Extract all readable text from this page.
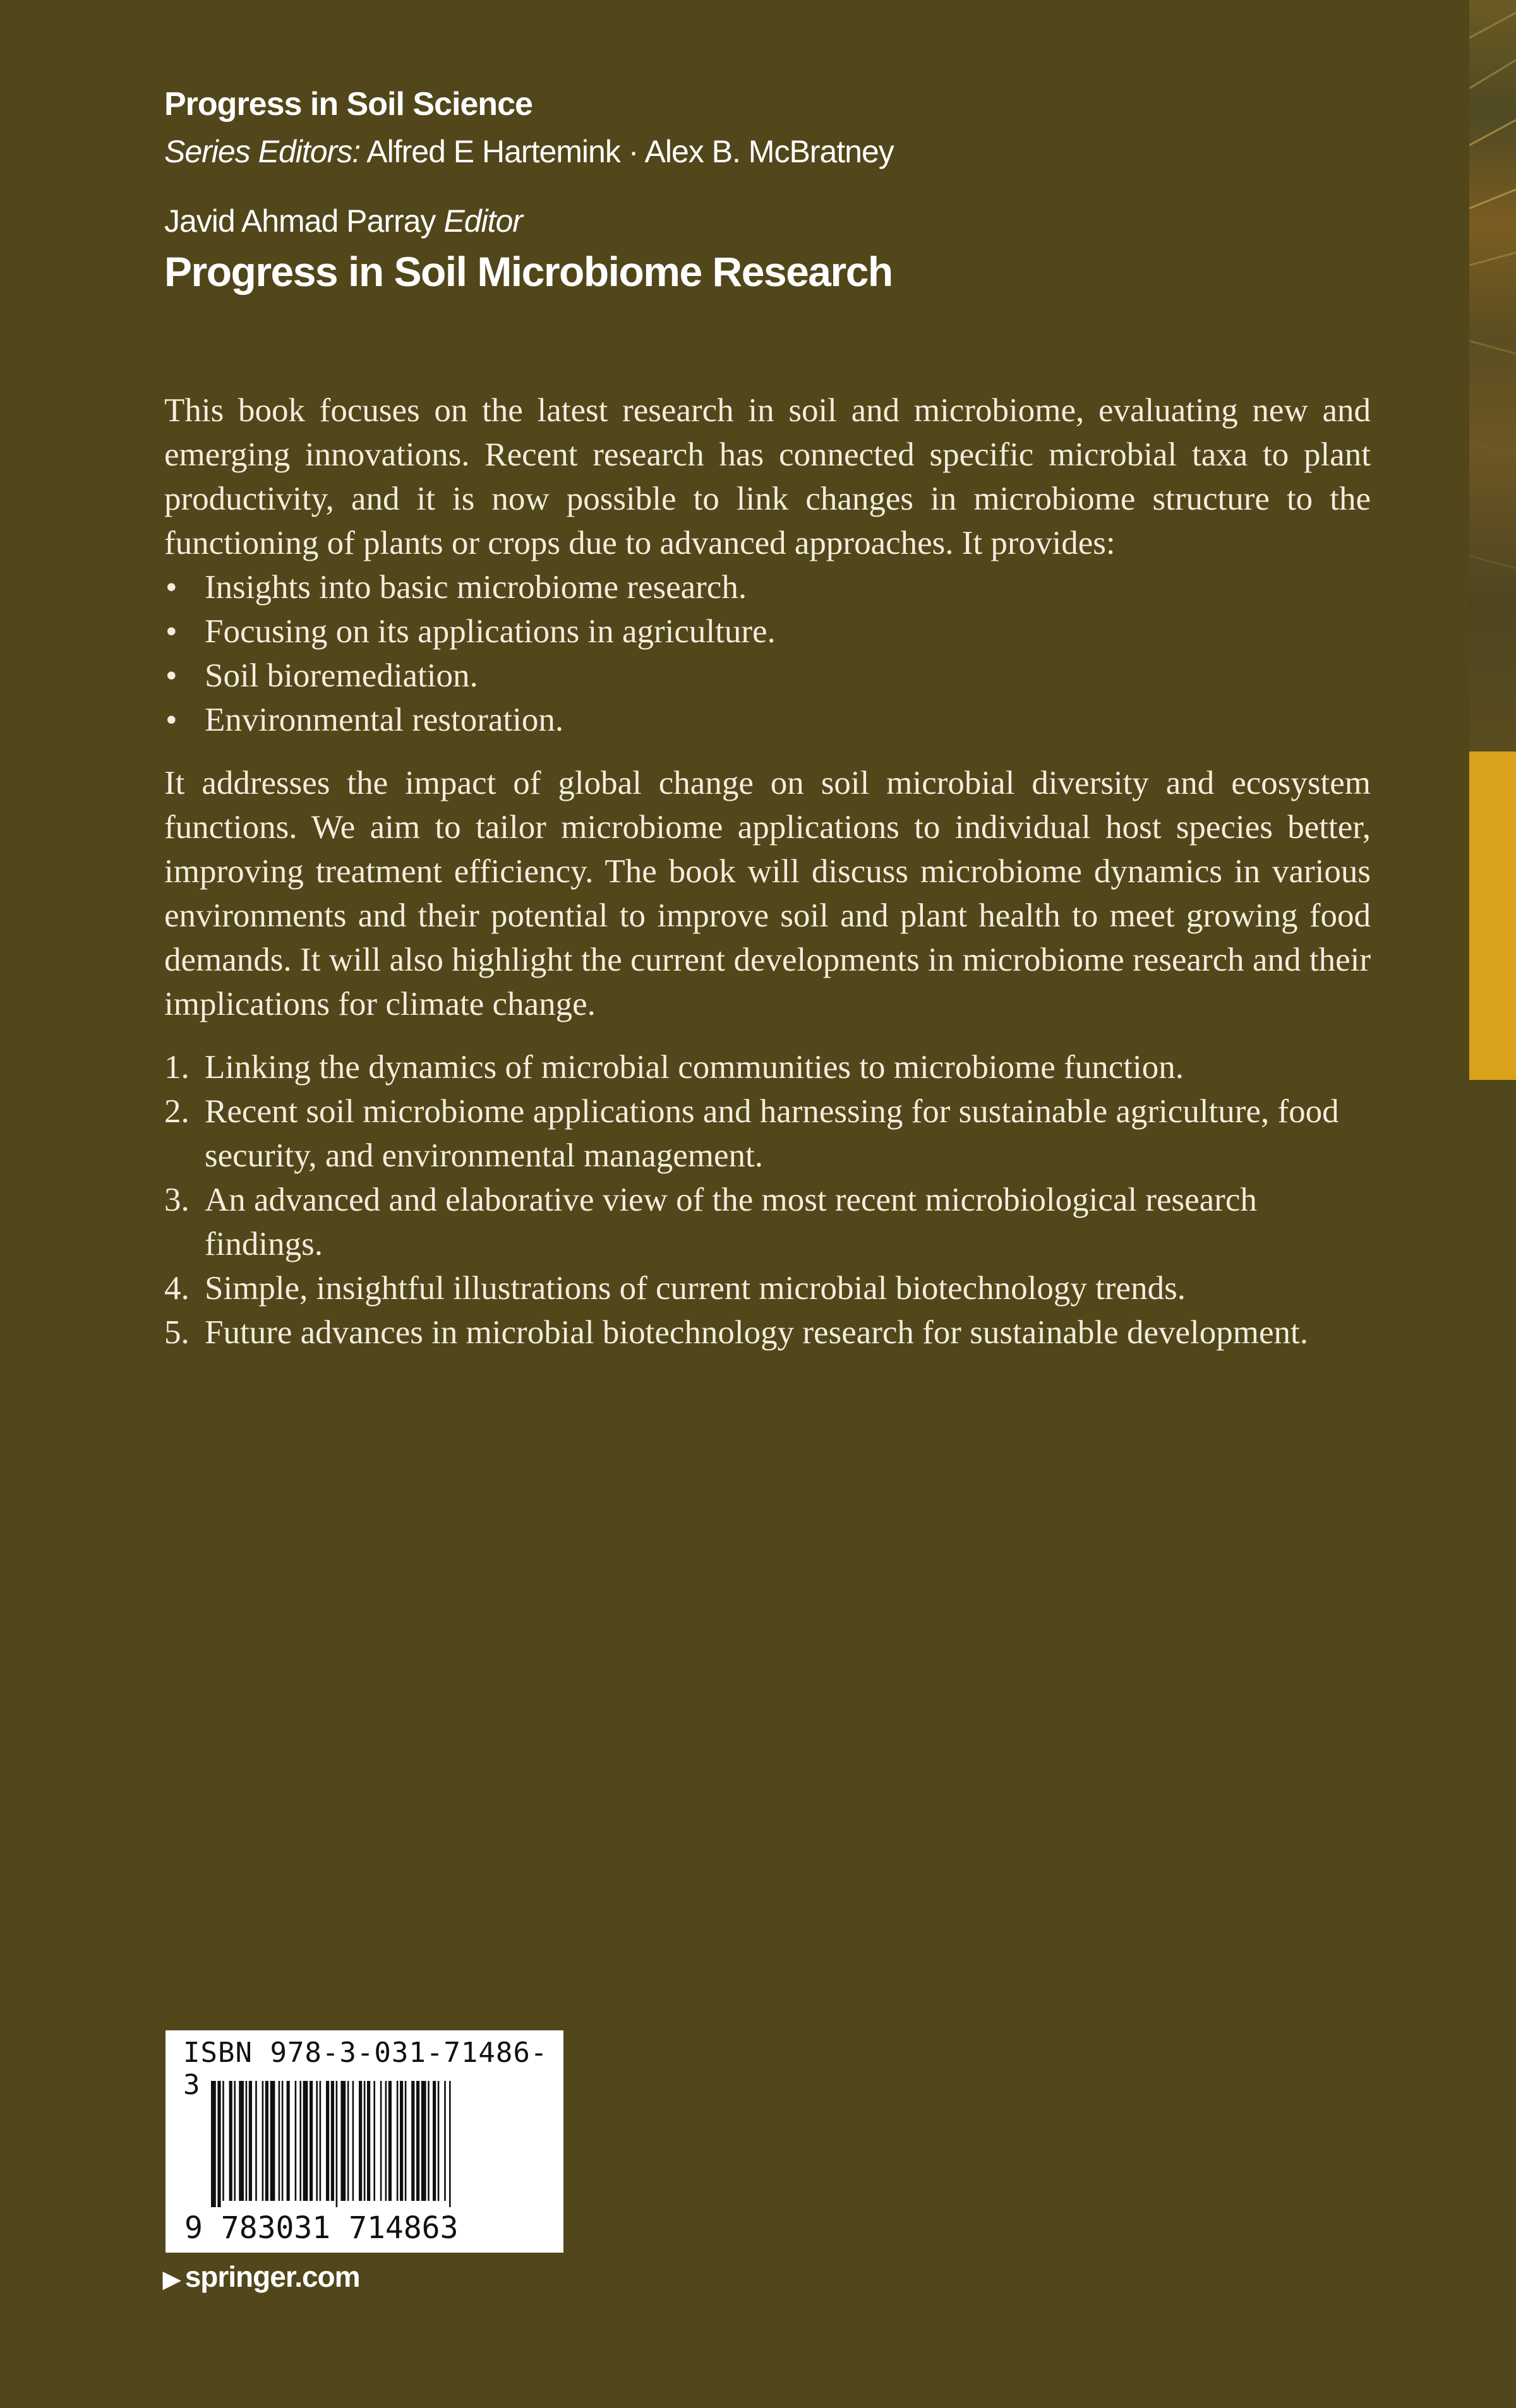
Progress in Soil Science
Series Editors: Alfred E Hartemink · Alex B. McBratney
Javid Ahmad Parray Editor
Progress in Soil Microbiome Research

This book focuses on the latest research in soil and microbiome, evaluating new and emerging innovations. Recent research has connected specific microbial taxa to plant productivity, and it is now possible to link changes in microbiome structure to the functioning of plants or crops due to advanced approaches. It provides:

• Insights into basic microbiome research.
• Focusing on its applications in agriculture.
• Soil bioremediation.
• Environmental restoration.

It addresses the impact of global change on soil microbial diversity and ecosystem functions. We aim to tailor microbiome applications to individual host species better, improving treatment efficiency. The book will discuss microbiome dynamics in various environments and their potential to improve soil and plant health to meet growing food demands. It will also highlight the current developments in microbiome research and their implications for climate change.

1. Linking the dynamics of microbial communities to microbiome function.
2. Recent soil microbiome applications and harnessing for sustainable agriculture, food security, and environmental management.
3. An advanced and elaborative view of the most recent microbiological research findings.
4. Simple, insightful illustrations of current microbial biotechnology trends.
5. Future advances in microbial biotechnology research for sustainable development.
ISBN 978-3-031-71486-3
9 783031 714863
▶ springer.com
